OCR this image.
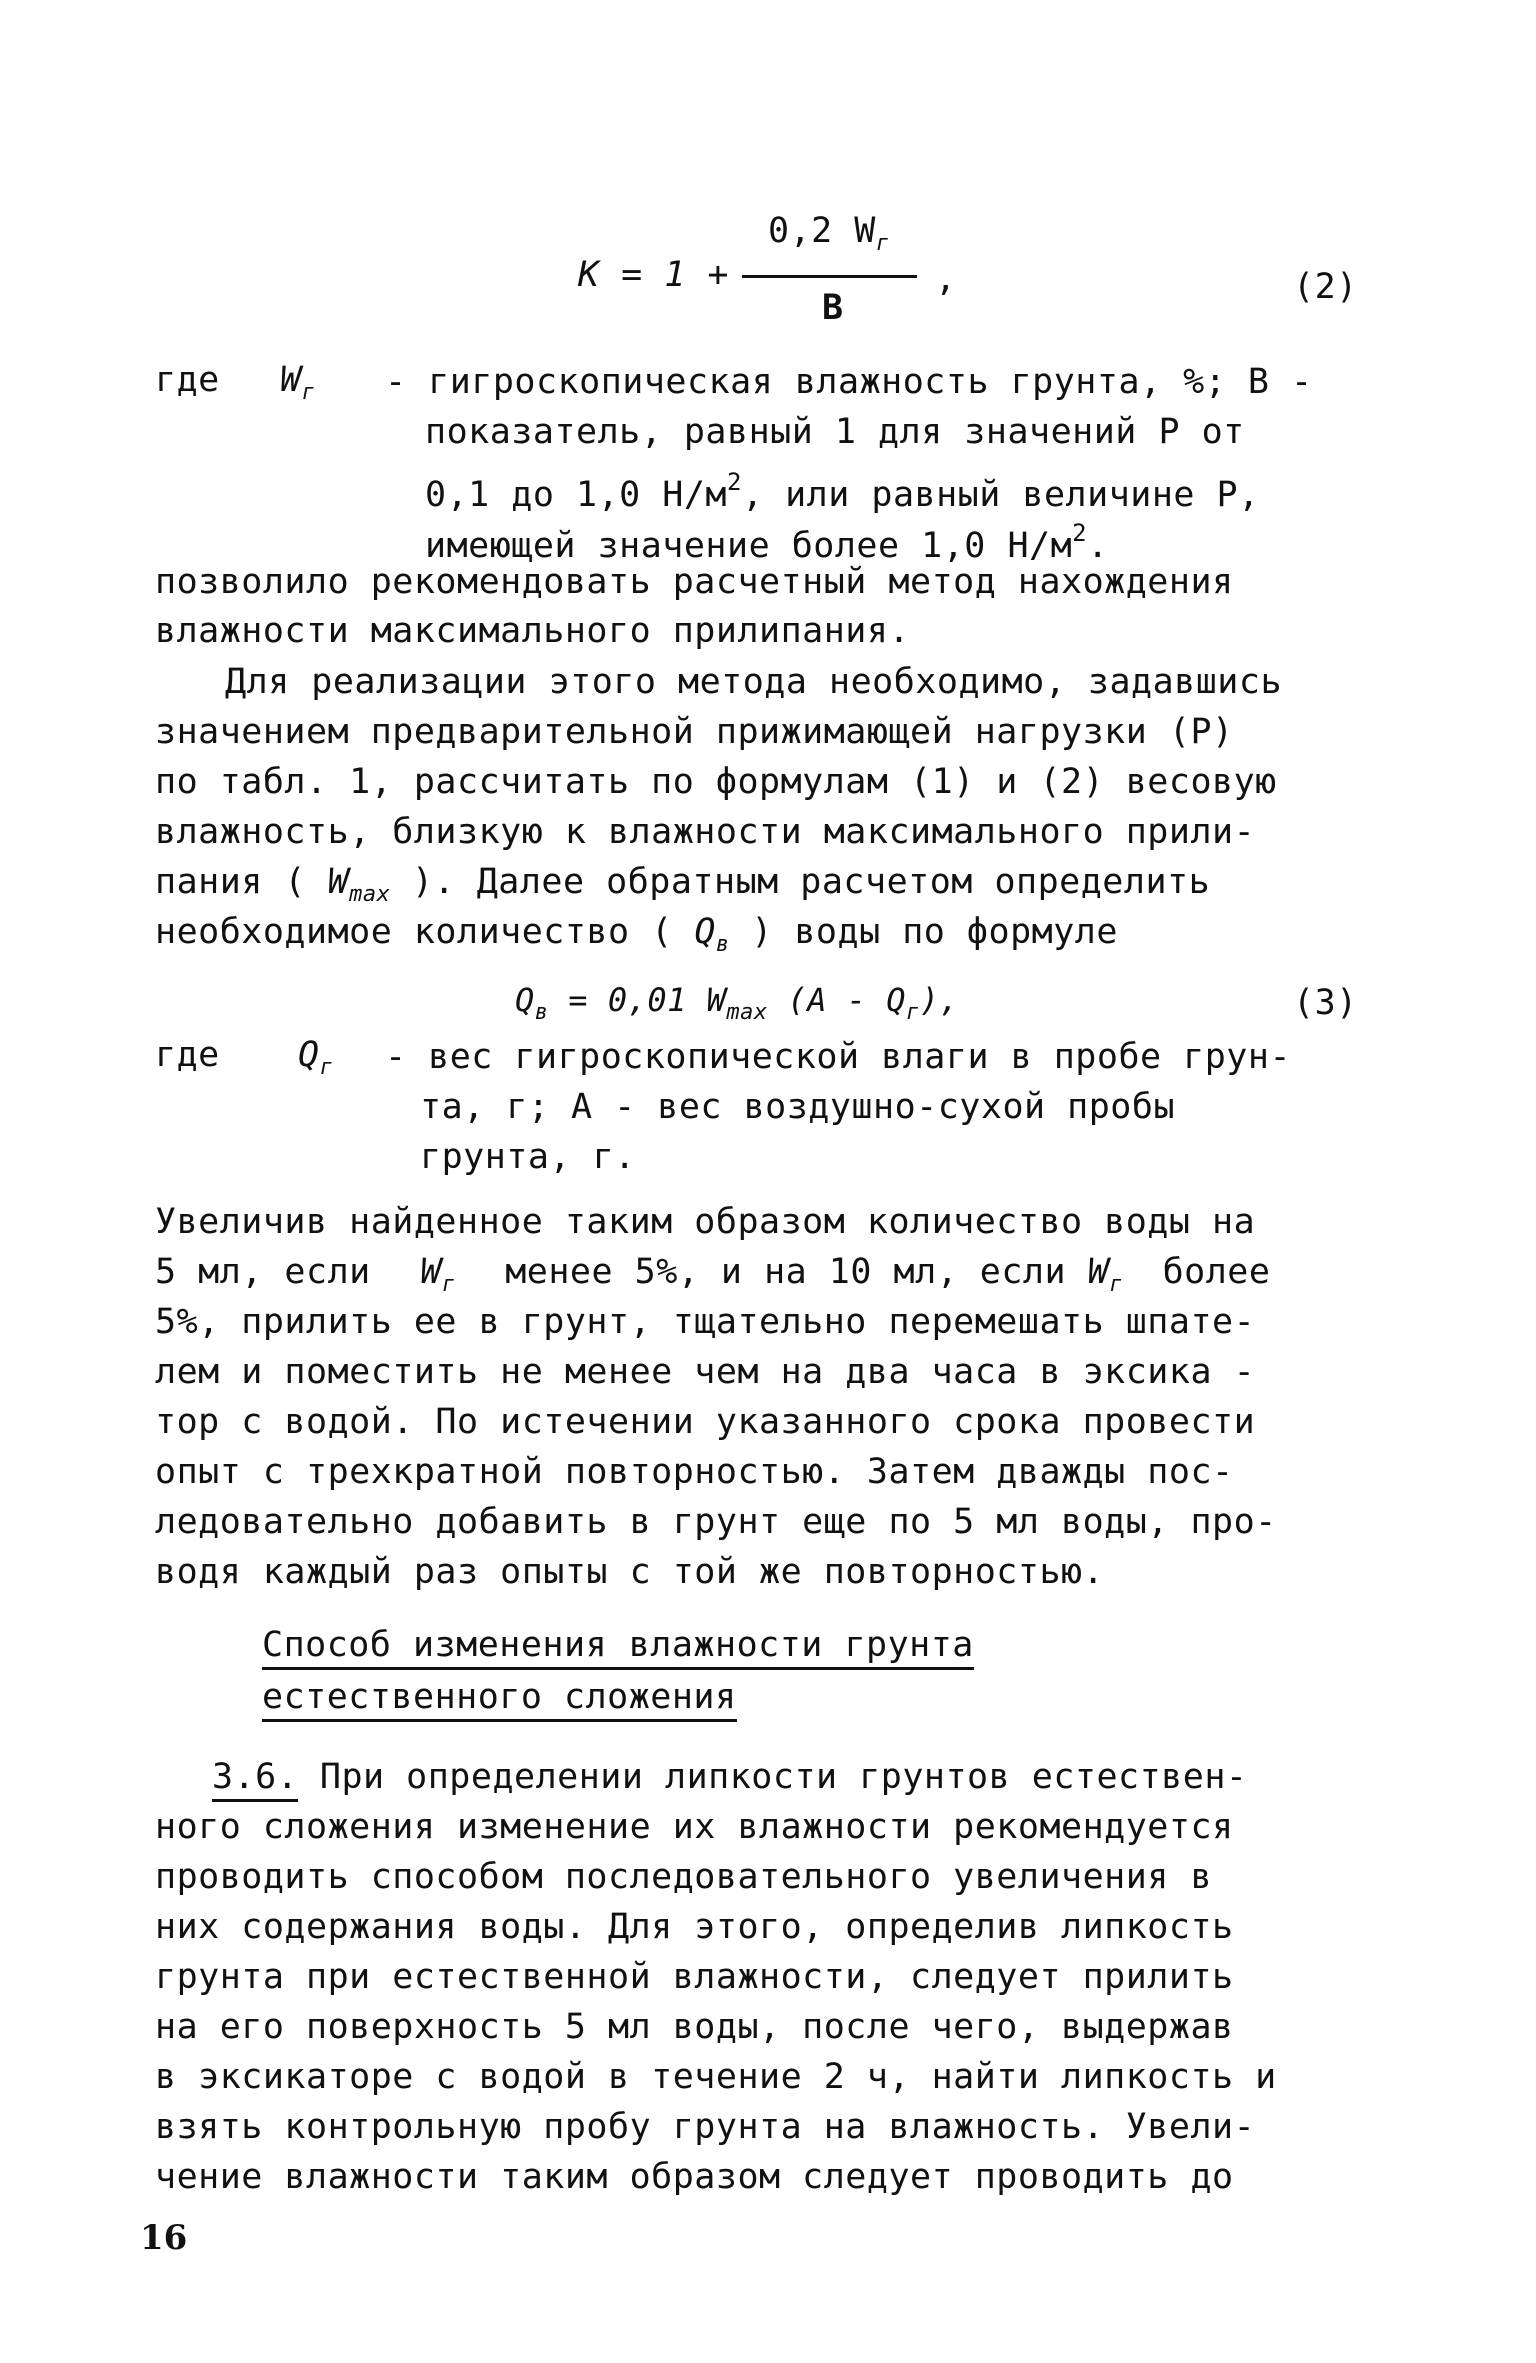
0,2 $W_г$
K = 1 +	,
B
(2)
где $W_г$ - гигроскопическая влажность грунта, %; B -
показатель, равный 1 для значений P от
0,1 до 1,0 $Н/м^2$, или равный величине P,
имеющей значение более 1,0 $Н/м^2$.
позволило рекомендовать расчетный метод нахождения
влажности максимального прилипания.
Для реализации этого метода необходимо, задавшись
значением предварительной прижимающей нагрузки (P)
по табл. 1, рассчитать по формулам (1) и (2) весовую
влажность, близкую к влажности максимального прили-
пания ( $W_{max}$ ). Далее обратным расчетом определить
необходимое количество ( $Q_в$ ) воды по формуле
$Q_в = 0,01$ $W_{max}$ $(A - Q_г)$,	(3)
где $Q_г$ - вес гигроскопической влаги в пробе грун-
та, г; А - вес воздушно-сухой пробы
грунта, г.
Увеличив найденное таким образом количество воды на
5 мл, если $W_г$ менее 5%, и на 10 мл, если $W_г$ более
5%, прилить ее в грунт, тщательно перемешать шпате-
лем и поместить не менее чем на два часа в эксика -
тор с водой. По истечении указанного срока провести
опыт с трехкратной повторностью. Затем дважды пос-
ледовательно добавить в грунт еще по 5 мл воды, про-
водя каждый раз опыты с той же повторностью.
Способ изменения влажности грунта
естественного сложения
3.6. При определении липкости грунтов естествен-
ного сложения изменение их влажности рекомендуется
проводить способом последовательного увеличения в
них содержания воды. Для этого, определив липкость
грунта при естественной влажности, следует прилить
на его поверхность 5 мл воды, после чего, выдержав
в эксикаторе с водой в течение 2 ч, найти липкость и
взять контрольную пробу грунта на влажность. Увели-
чение влажности таким образом следует проводить до
16
